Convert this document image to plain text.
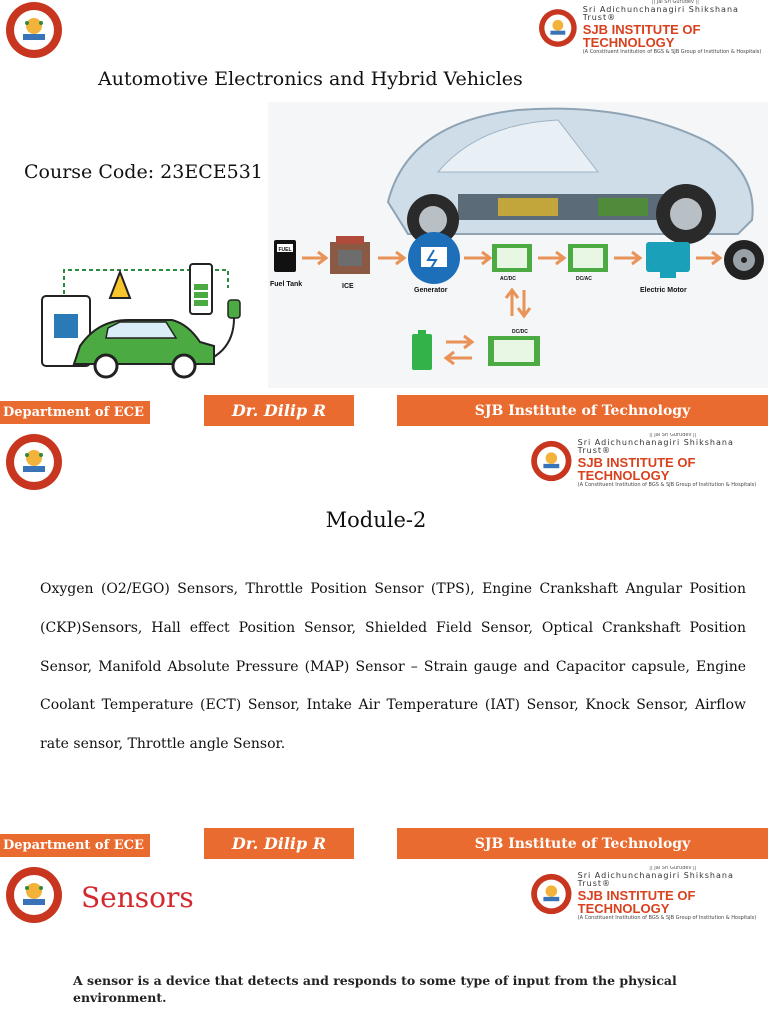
|| Jai Sri Gurudev ||
Sri Adichunchanagiri Shikshana Trust®
SJB INSTITUTE OF TECHNOLOGY
(A Constituent Institution of BGS & SJB Group of Institution & Hospitals)
Automotive Electronics and Hybrid Vehicles
Course Code: 23ECE531
FUEL
Fuel Tank	ICE
Generator
AC/DC	DC/AC
Electric Motor
DC/DC
Department of ECE	Dr. Dilip R	SJB Institute of Technology
|| Jai Sri Gurudev ||
Sri Adichunchanagiri Shikshana Trust®
SJB INSTITUTE OF TECHNOLOGY
(A Constituent Institution of BGS & SJB Group of Institution & Hospitals)
Module-2

Oxygen (O2/EGO) Sensors, Throttle Position Sensor (TPS), Engine Crankshaft Angular Position (CKP)Sensors, Hall effect Position Sensor, Shielded Field Sensor, Optical Crankshaft Position Sensor, Manifold Absolute Pressure (MAP) Sensor – Strain gauge and Capacitor capsule, Engine Coolant Temperature (ECT) Sensor, Intake Air Temperature (IAT) Sensor, Knock Sensor, Airflow rate sensor, Throttle angle Sensor.

Department of ECE	Dr. Dilip R	SJB Institute of Technology
Sensors
|| Jai Sri Gurudev ||
Sri Adichunchanagiri Shikshana Trust®
SJB INSTITUTE OF TECHNOLOGY
(A Constituent Institution of BGS & SJB Group of Institution & Hospitals)

A sensor is a device that detects and responds to some type of input from the physical environment.
